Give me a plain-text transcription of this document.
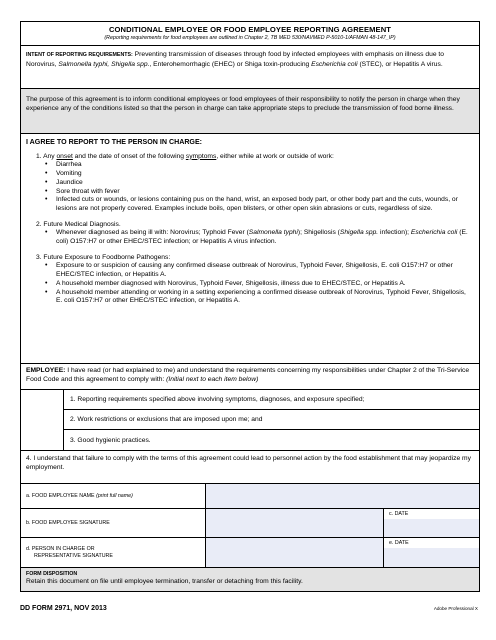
CONDITIONAL EMPLOYEE OR FOOD EMPLOYEE REPORTING AGREEMENT
(Reporting requirements for food employees are outlined in Chapter 2, TB MED 530/NAVMED P-5010-1/AFMAN 48-147_IP)
INTENT OF REPORTING REQUIREMENTS: Preventing transmission of diseases through food by infected employees with emphasis on illness due to Norovirus, Salmonella typhi, Shigella spp., Enterohemorrhagic (EHEC) or Shiga toxin-producing Escherichia coli (STEC), or Hepatitis A virus.
The purpose of this agreement is to inform conditional employees or food employees of their responsibility to notify the person in charge when they experience any of the conditions listed so that the person in charge can take appropriate steps to preclude the transmission of food borne illness.
I AGREE TO REPORT TO THE PERSON IN CHARGE:
1. Any onset and the date of onset of the following symptoms, either while at work or outside of work:
• Diarrhea
• Vomiting
• Jaundice
• Sore throat with fever
• Infected cuts or wounds, or lesions containing pus on the hand, wrist, an exposed body part, or other body part and the cuts, wounds, or lesions are not properly covered. Examples include boils, open blisters, or other open skin abrasions or cuts, regardless of size.
2. Future Medical Diagnosis.
• Whenever diagnosed as being ill with: Norovirus; Typhoid Fever (Salmonella typhi); Shigellosis (Shigella spp. infection); Escherichia coli (E. coli) O157:H7 or other EHEC/STEC infection; or Hepatitis A virus infection.
3. Future Exposure to Foodborne Pathogens:
• Exposure to or suspicion of causing any confirmed disease outbreak of Norovirus, Typhoid Fever, Shigellosis, E. coli O157:H7 or other EHEC/STEC infection, or Hepatitis A.
• A household member diagnosed with Norovirus, Typhoid Fever, Shigellosis, illness due to EHEC/STEC, or Hepatitis A.
• A household member attending or working in a setting experiencing a confirmed disease outbreak of Norovirus, Typhoid Fever, Shigellosis, E. coli O157:H7 or other EHEC/STEC infection, or Hepatitis A.
EMPLOYEE: I have read (or had explained to me) and understand the requirements concerning my responsibilities under Chapter 2 of the Tri-Service Food Code and this agreement to comply with: (Initial next to each item below)
1. Reporting requirements specified above involving symptoms, diagnoses, and exposure specified;
2. Work restrictions or exclusions that are imposed upon me; and
3. Good hygienic practices.
4. I understand that failure to comply with the terms of this agreement could lead to personnel action by the food establishment that may jeopardize my employment.
a. FOOD EMPLOYEE NAME (print full name)
b. FOOD EMPLOYEE SIGNATURE
c. DATE
d. PERSON IN CHARGE OR
REPRESENTATIVE SIGNATURE
e. DATE
FORM DISPOSITION
Retain this document on file until employee termination, transfer or detaching from this facility.
DD FORM 2971, NOV 2013	Adobe Professional X
